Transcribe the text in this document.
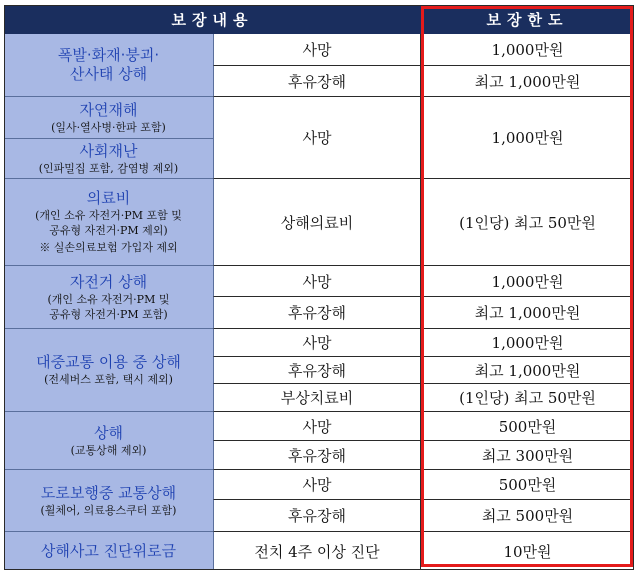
보장내용	보장한도
폭발·화재·붕괴·
산사태 상해
사망	1,000만원
후유장해	최고 1,000만원
자연재해
(일사·열사병·한파 포함)
사회재난
(인파밀집 포함, 감염병 제외)
사망	1,000만원
의료비
(개인 소유 자전거·PM 포함 및
공유형 자전거·PM 제외)
※ 실손의료보험 가입자 제외
상해의료비	(1인당) 최고 50만원
자전거 상해
(개인 소유 자전거·PM 및
공유형 자전거·PM 포함)
사망	1,000만원
후유장해	최고 1,000만원
대중교통 이용 중 상해
(전세버스 포함, 택시 제외)
사망	1,000만원
후유장해	최고 1,000만원
부상치료비	(1인당) 최고 50만원
상해
(교통상해 제외)
사망	500만원
후유장해	최고 300만원
도로보행중 교통상해
(휠체어, 의료용스쿠터 포함)
사망	500만원
후유장해	최고 500만원
상해사고 진단위로금	전치 4주 이상 진단	10만원
